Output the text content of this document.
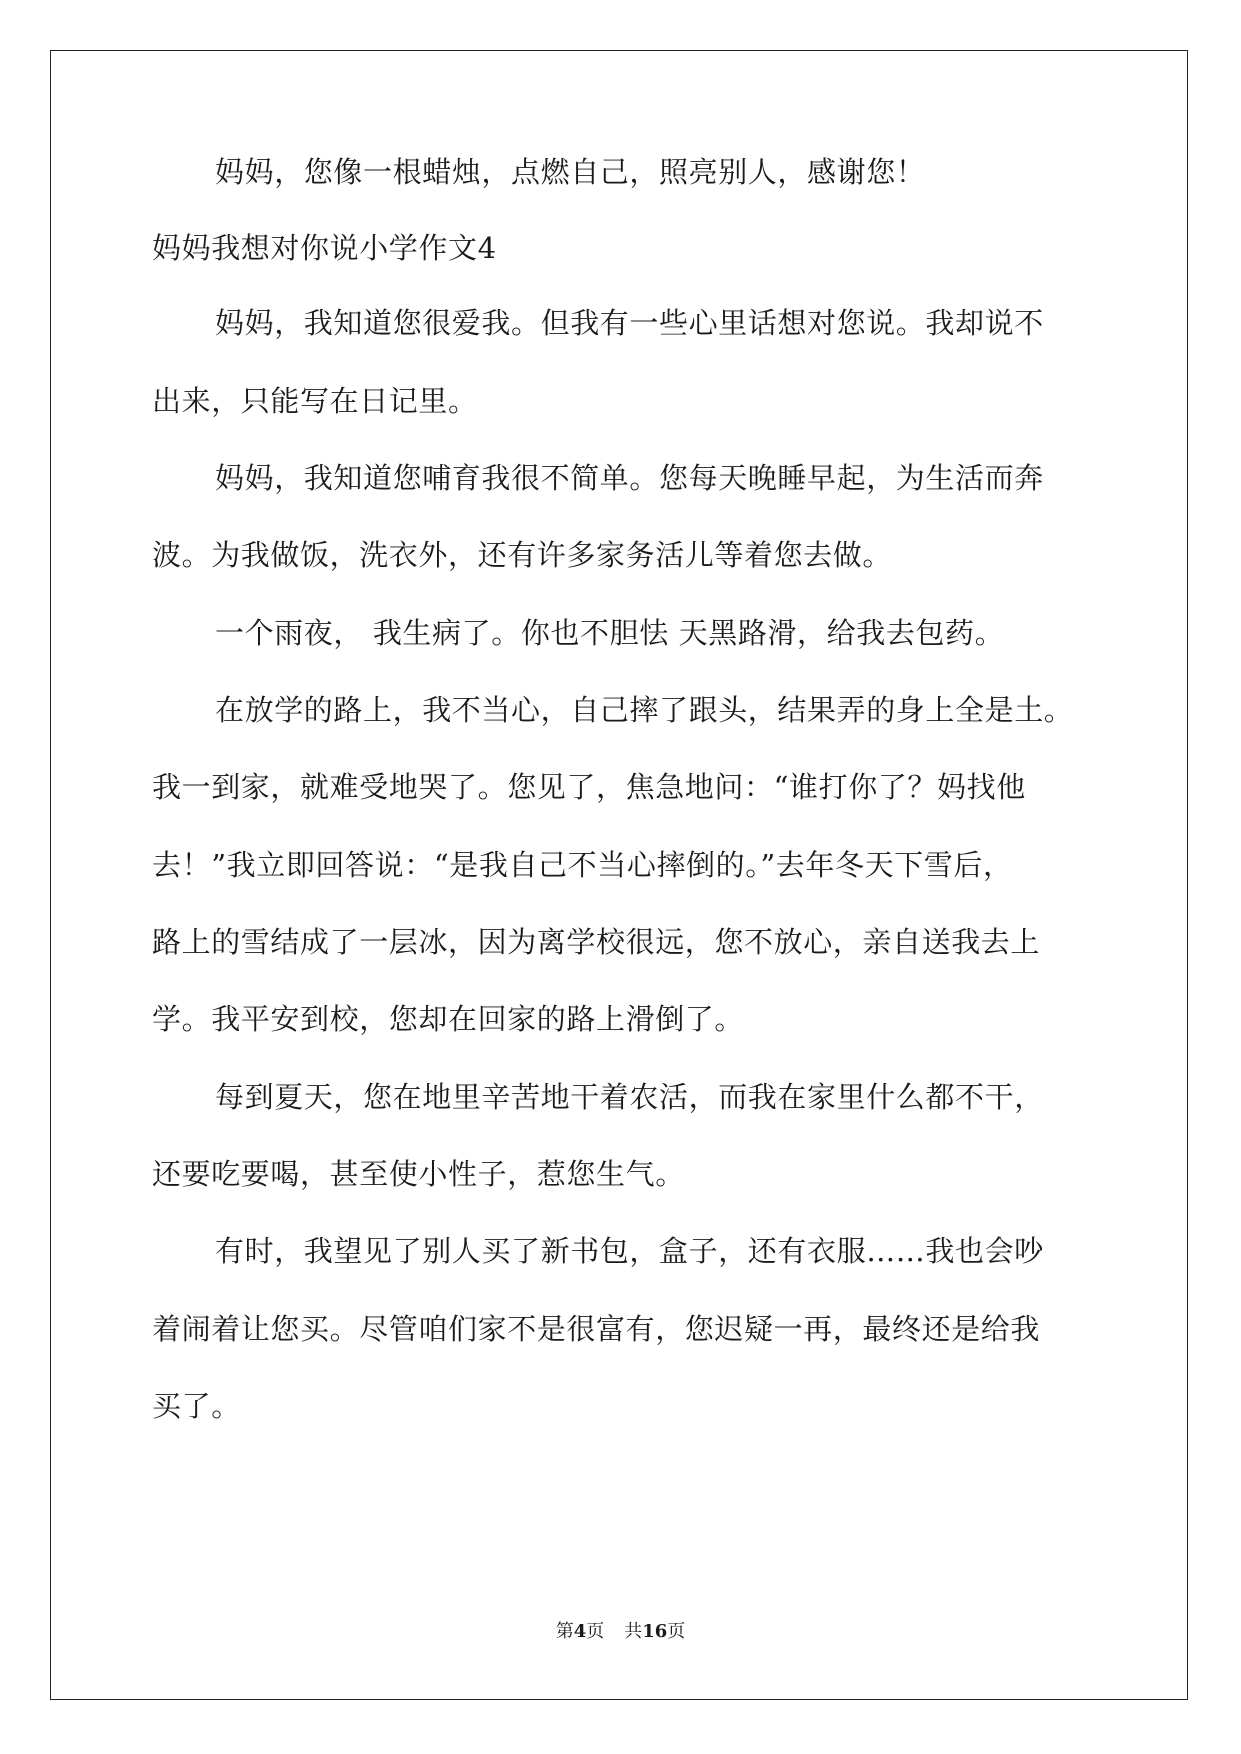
妈妈，您像一根蜡烛，点燃自己，照亮别人，感谢您！
妈妈我想对你说小学作文4
妈妈，我知道您很爱我。但我有一些心里话想对您说。我却说不
出来，只能写在日记里。
妈妈，我知道您哺育我很不简单。您每天晚睡早起，为生活而奔
波。为我做饭，洗衣外，还有许多家务活儿等着您去做。
一个雨夜， 我生病了。你也不胆怯 天黑路滑，给我去包药。
在放学的路上，我不当心，自己摔了跟头，结果弄的身上全是土。
我一到家，就难受地哭了。您见了，焦急地问：“谁打你了？妈找他
去！”我立即回答说：“是我自己不当心摔倒的。”去年冬天下雪后，
路上的雪结成了一层冰，因为离学校很远，您不放心，亲自送我去上
学。我平安到校，您却在回家的路上滑倒了。
每到夏天，您在地里辛苦地干着农活，而我在家里什么都不干，
还要吃要喝，甚至使小性子，惹您生气。
有时，我望见了别人买了新书包，盒子，还有衣服……我也会吵
着闹着让您买。尽管咱们家不是很富有，您迟疑一再，最终还是给我
买了。
第4页 共16页
